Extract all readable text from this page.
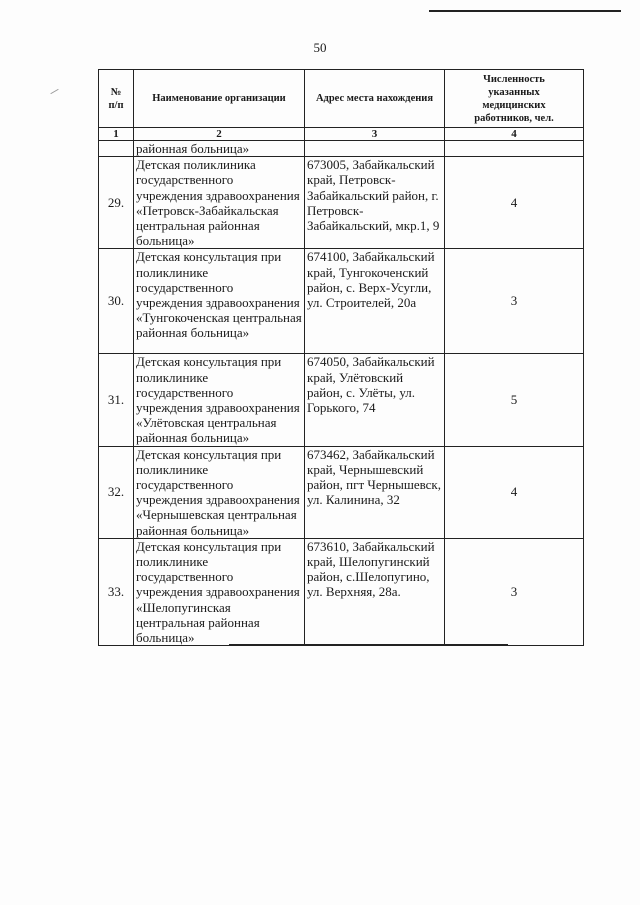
50
№
п/п	Наименование организации	Адрес места нахождения	Численность указанных медицинских работников, чел.
1	2	3	4
	районная больница»		
29.	Детская поликлиника государственного учреждения здравоохранения «Петровск-Забайкальская центральная районная больница»	673005, Забайкальский край, Петровск-Забайкальский район, г. Петровск-Забайкальский, мкр.1, 9	4
30.	Детская консультация при поликлинике государственного учреждения здравоохранения «Тунгокоченская центральная районная больница»	674100, Забайкальский край, Тунгокоченский район, с. Верх-Усугли, ул. Строителей, 20а	3
31.	Детская консультация при поликлинике государственного учреждения здравоохранения «Улётовская центральная районная больница»	674050, Забайкальский край, Улётовский район, с. Улёты, ул. Горького, 74	5
32.	Детская консультация при поликлинике государственного учреждения здравоохранения «Чернышевская центральная районная больница»	673462, Забайкальский край, Чернышевский район, пгт Чернышевск, ул. Калинина, 32	4
33.	Детская консультация при поликлинике государственного учреждения здравоохранения «Шелопугинская центральная районная больница»	673610, Забайкальский край, Шелопугинский район, с.Шелопугино, ул. Верхняя, 28а.	3
